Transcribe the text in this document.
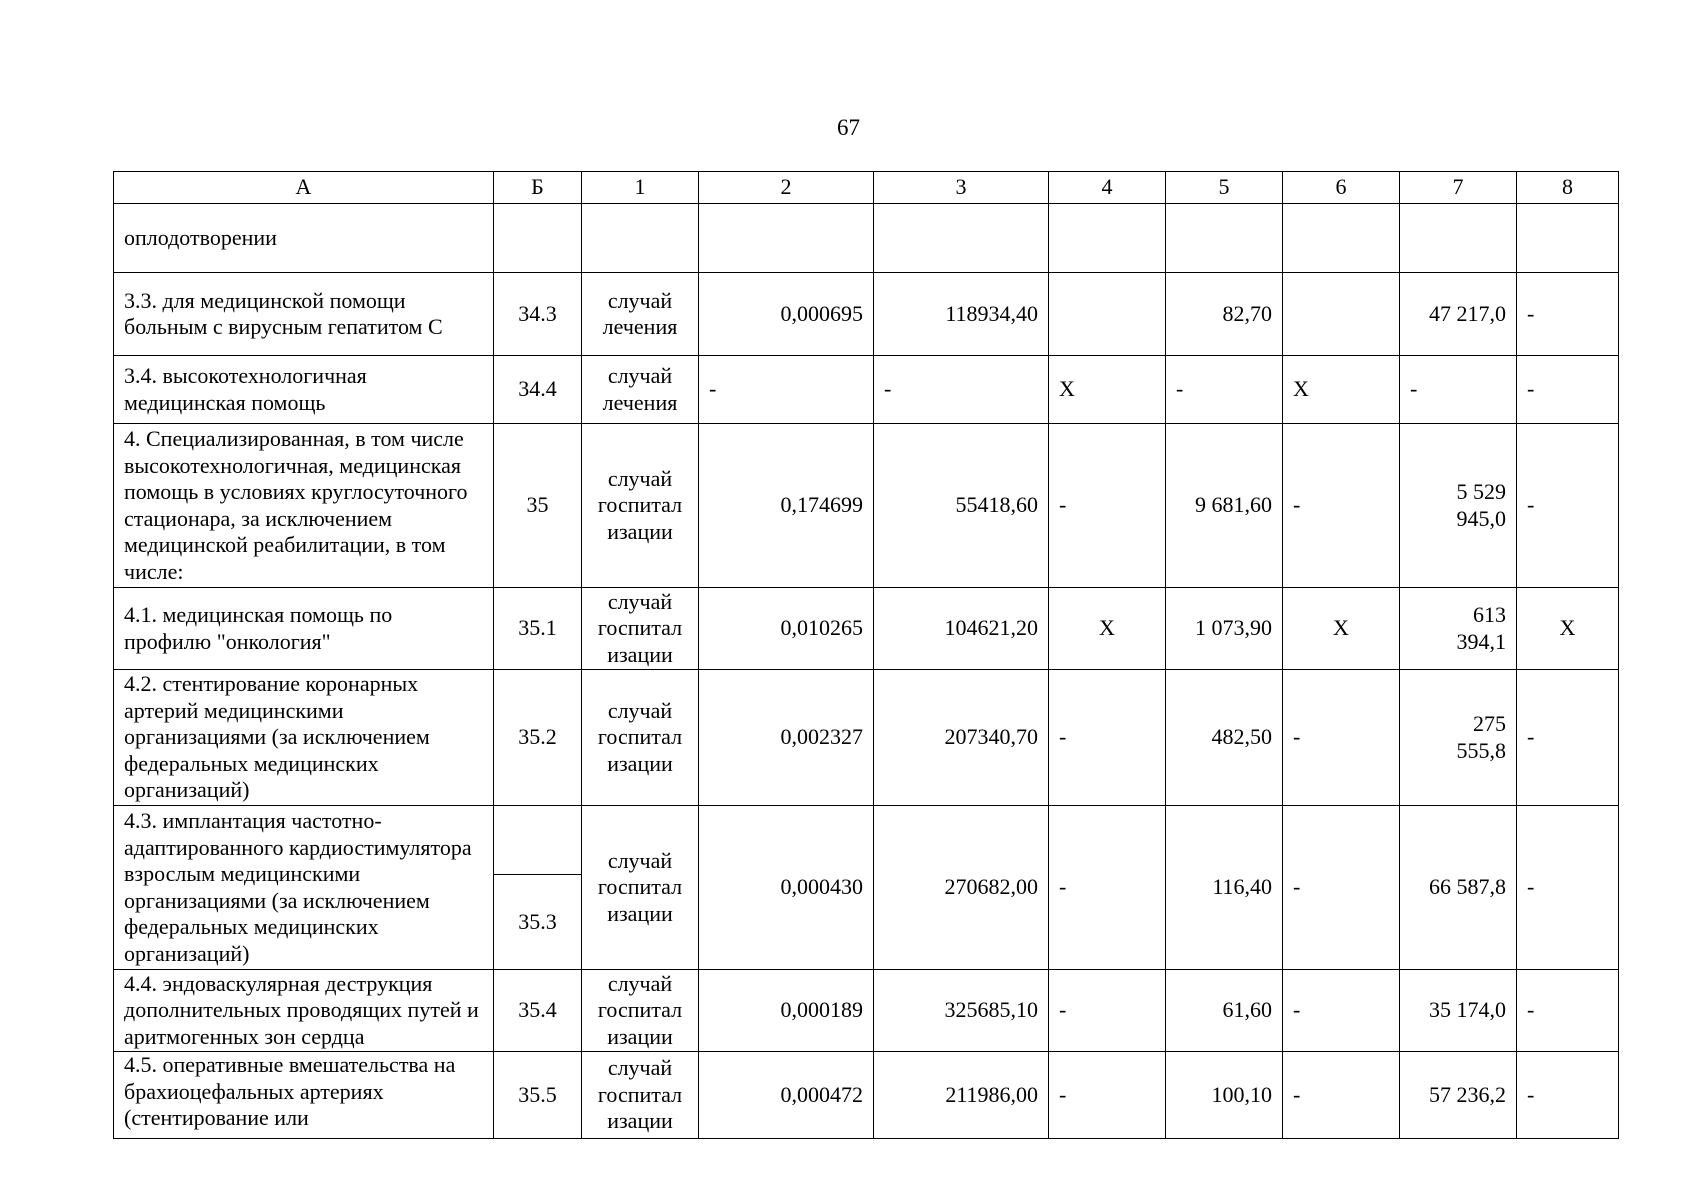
67
А	Б	1	2	3	4	5	6	7	8
оплодотворении									
3.3. для медицинской помощи больным с вирусным гепатитом С	34.3	случай лечения	0,000695	118934,40		82,70		47 217,0	-
3.4. высокотехнологичная медицинская помощь	34.4	случай лечения	-	-	X	-	X	-	-
4. Специализированная, в том числе высокотехнологичная, медицинская помощь в условиях круглосуточного стационара, за исключением медицинской реабилитации, в том числе:	35	случай госпитал изации	0,174699	55418,60	-	9 681,60	-	5 529 945,0	-
4.1. медицинская помощь по профилю "онкология"	35.1	случай госпитал изации	0,010265	104621,20	X	1 073,90	X	613 394,1	X
4.2. стентирование коронарных артерий медицинскими организациями (за исключением федеральных медицинских организаций)	35.2	случай госпитал изации	0,002327	207340,70	-	482,50	-	275 555,8	-
4.3. имплантация частотно-адаптированного кардиостимулятора взрослым медицинскими организациями (за исключением федеральных медицинских организаций)	35.3	случай госпитал изации	0,000430	270682,00	-	116,40	-	66 587,8	-
4.4. эндоваскулярная деструкция дополнительных проводящих путей и аритмогенных зон сердца	35.4	случай госпитал изации	0,000189	325685,10	-	61,60	-	35 174,0	-
4.5. оперативные вмешательства на брахиоцефальных артериях (стентирование или	35.5	случай госпитал изации	0,000472	211986,00	-	100,10	-	57 236,2	-
